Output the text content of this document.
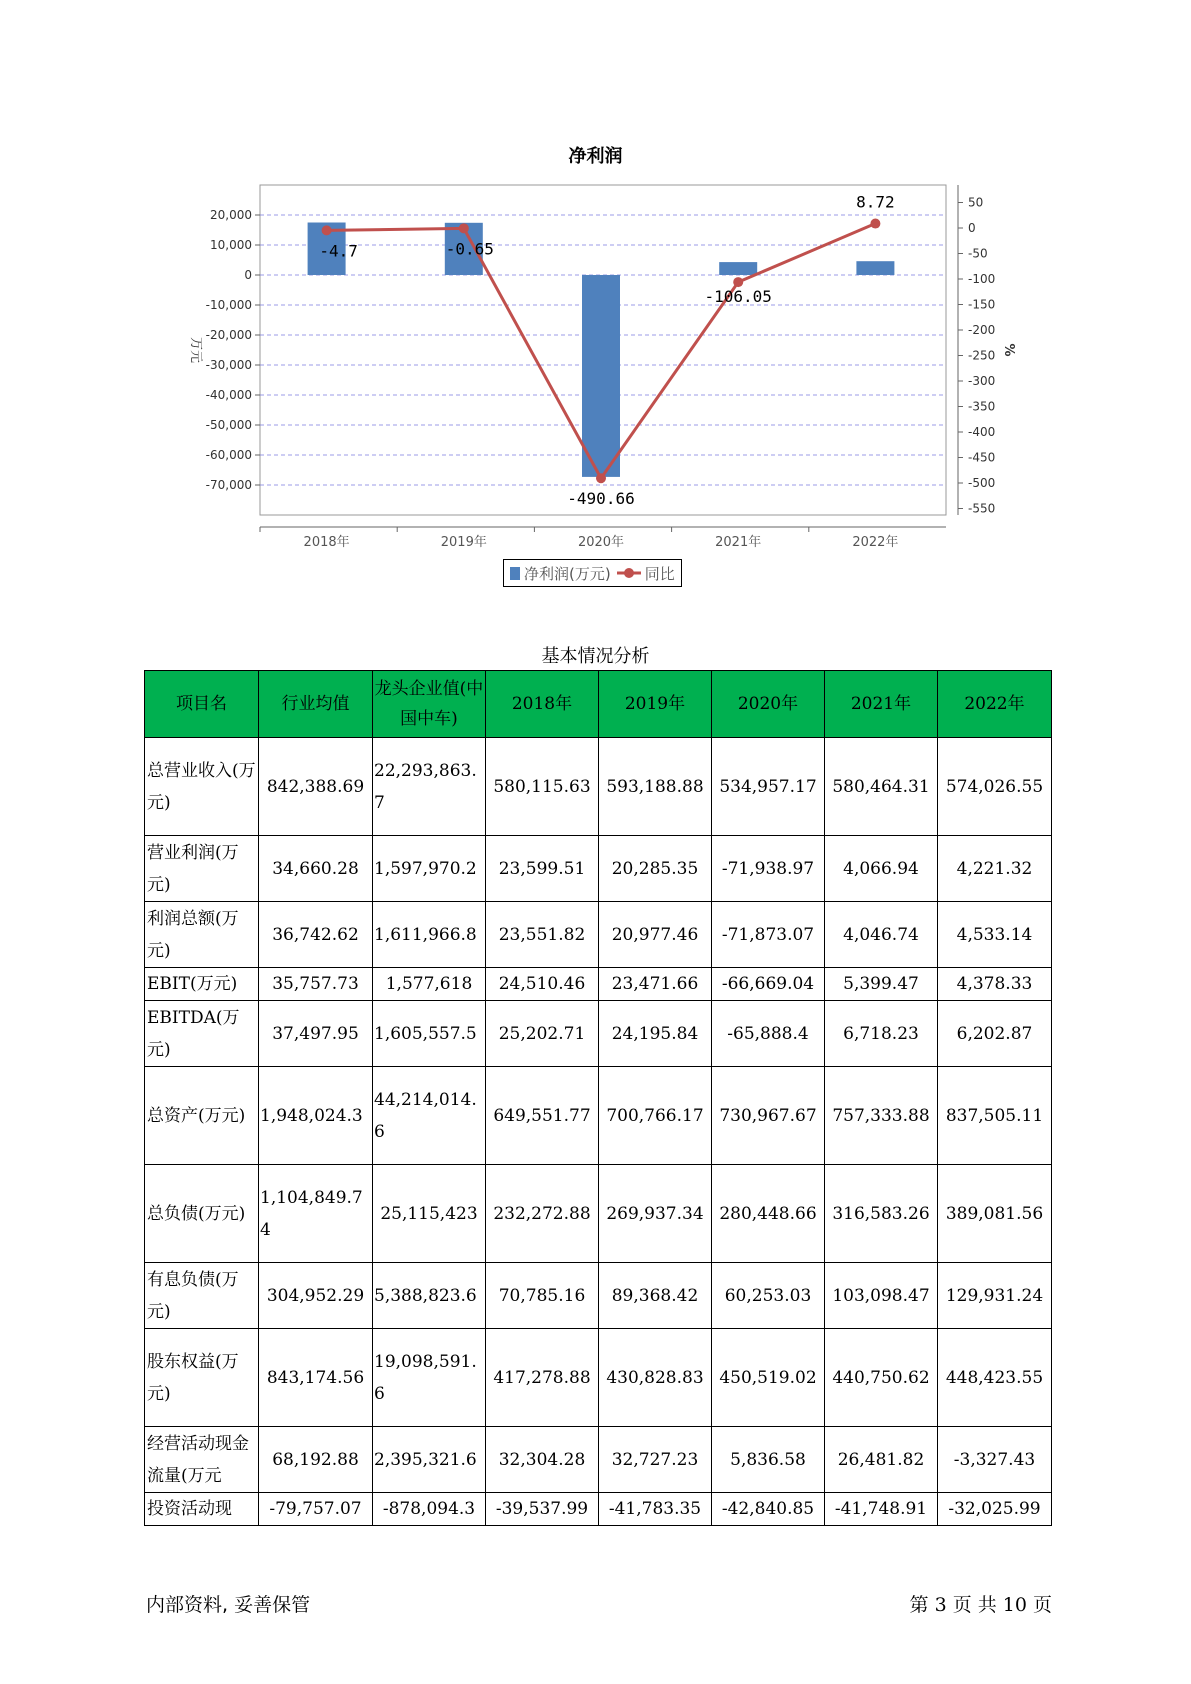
净利润
20,000
10,000
0
-10,000
-20,000
-30,000
-40,000
-50,000
-60,000
-70,000
50
0
-50
-100
-150
-200
-250
-300
-350
-400
-450
-500
-550
万元	%
2018年	2019年	2020年	2021年	2022年
-4.7	-0.65
-490.66
-106.05
8.72
净利润(万元) 同比
基本情况分析
项目名	行业均值	龙头企业值(中国中车)	2018年	2019年	2020年	2021年	2022年
总营业收入(万元)	842,388.69	22,293,863.7	580,115.63	593,188.88	534,957.17	580,464.31	574,026.55
营业利润(万元)	34,660.28	1,597,970.2	23,599.51	20,285.35	-71,938.97	4,066.94	4,221.32
利润总额(万元)	36,742.62	1,611,966.8	23,551.82	20,977.46	-71,873.07	4,046.74	4,533.14
EBIT(万元)	35,757.73	1,577,618	24,510.46	23,471.66	-66,669.04	5,399.47	4,378.33
EBITDA(万元)	37,497.95	1,605,557.5	25,202.71	24,195.84	-65,888.4	6,718.23	6,202.87
总资产(万元)	1,948,024.3	44,214,014.6	649,551.77	700,766.17	730,967.67	757,333.88	837,505.11
总负债(万元)	1,104,849.74	25,115,423	232,272.88	269,937.34	280,448.66	316,583.26	389,081.56
有息负债(万元)	304,952.29	5,388,823.6	70,785.16	89,368.42	60,253.03	103,098.47	129,931.24
股东权益(万元)	843,174.56	19,098,591.6	417,278.88	430,828.83	450,519.02	440,750.62	448,423.55
经营活动现金流量(万元	68,192.88	2,395,321.6	32,304.28	32,727.23	5,836.58	26,481.82	-3,327.43
投资活动现	-79,757.07	-878,094.3	-39,537.99	-41,783.35	-42,840.85	-41,748.91	-32,025.99
内部资料, 妥善保管	第 3 页 共 10 页
